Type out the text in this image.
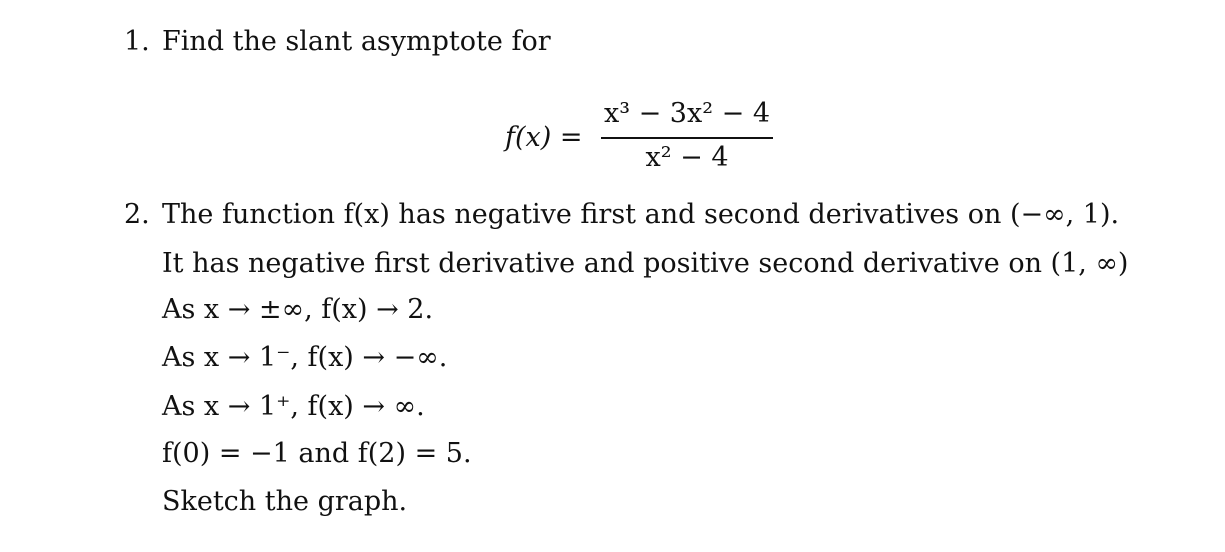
1. Find the slant asymptote for
f(x) =
x³ − 3x² − 4
x² − 4
2. The function f(x) has negative first and second derivatives on (−∞, 1).
It has negative first derivative and positive second derivative on (1, ∞)
As x → ±∞, f(x) → 2.
As x → 1⁻, f(x) → −∞.
As x → 1⁺, f(x) → ∞.
f(0) = −1 and f(2) = 5.
Sketch the graph.
